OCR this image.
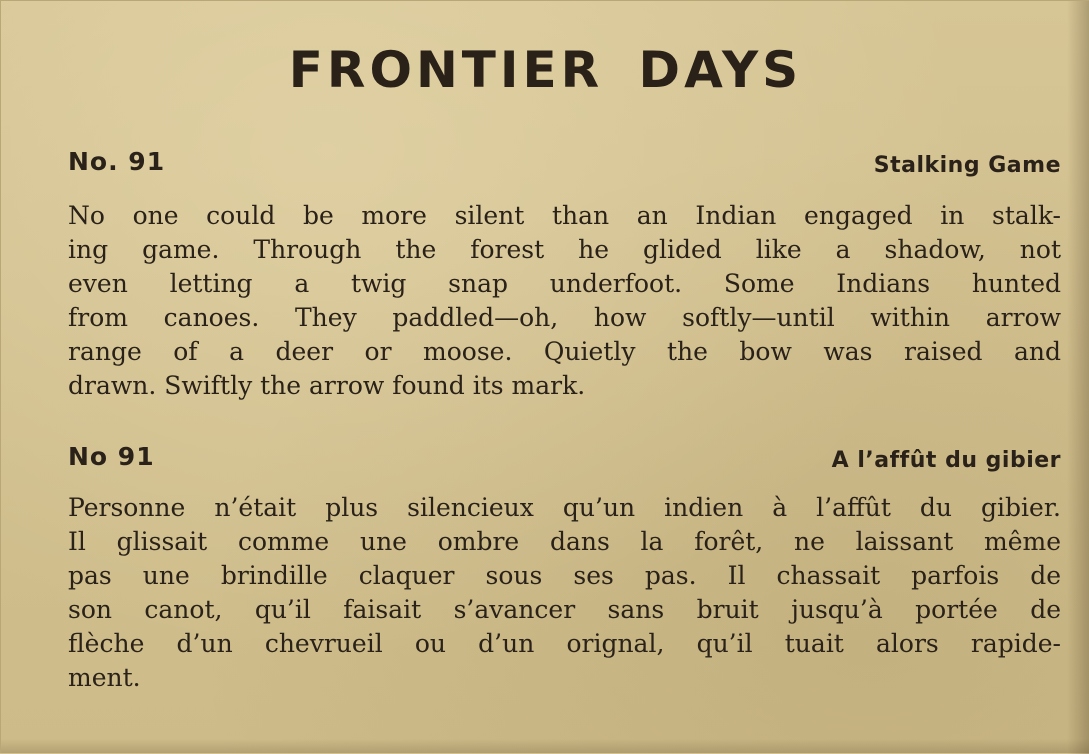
FRONTIER DAYS
No. 91	Stalking Game
No one could be more silent than an Indian engaged in stalk-
ing game. Through the forest he glided like a shadow, not
even letting a twig snap underfoot. Some Indians hunted
from canoes. They paddled—oh, how softly—until within arrow
range of a deer or moose. Quietly the bow was raised and
drawn. Swiftly the arrow found its mark.
No 91	A l’affût du gibier
Personne n’était plus silencieux qu’un indien à l’affût du gibier.
Il glissait comme une ombre dans la forêt, ne laissant même
pas une brindille claquer sous ses pas. Il chassait parfois de
son canot, qu’il faisait s’avancer sans bruit jusqu’à portée de
flèche d’un chevrueil ou d’un orignal, qu’il tuait alors rapide-
ment.
